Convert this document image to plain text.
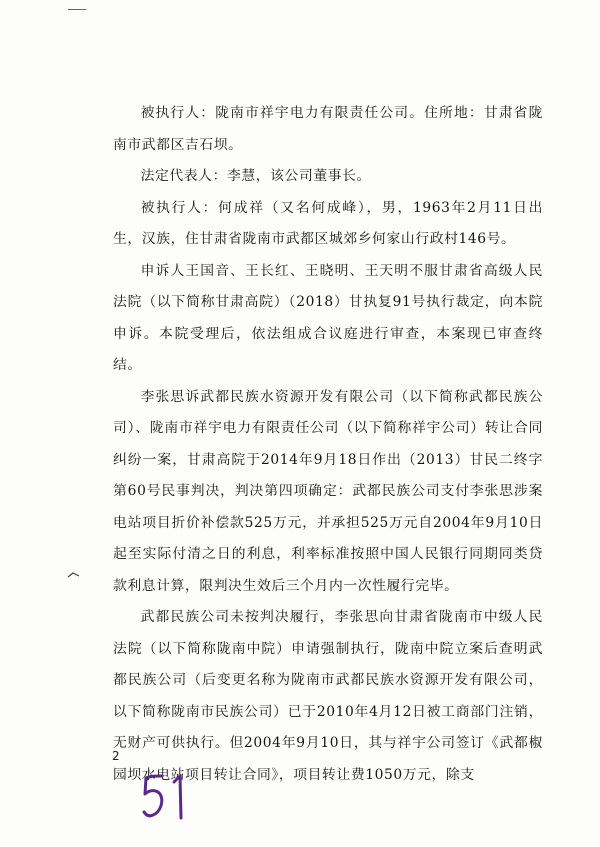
被执行人：陇南市祥宇电力有限责任公司。住所地：甘肃省陇南市武都区吉石坝。

法定代表人：李慧，该公司董事长。

被执行人：何成祥（又名何成峰），男，1963年2月11日出生，汉族，住甘肃省陇南市武都区城郊乡何家山行政村146号。

申诉人王国音、王长红、王晓明、王天明不服甘肃省高级人民法院（以下简称甘肃高院）（2018）甘执复91号执行裁定，向本院申诉。本院受理后，依法组成合议庭进行审查，本案现已审查终结。

李张思诉武都民族水资源开发有限公司（以下简称武都民族公司）、陇南市祥宇电力有限责任公司（以下简称祥宇公司）转让合同纠纷一案，甘肃高院于2014年9月18日作出（2013）甘民二终字第60号民事判决，判决第四项确定：武都民族公司支付李张思涉案电站项目折价补偿款525万元，并承担525万元自2004年9月10日起至实际付清之日的利息，利率标准按照中国人民银行同期同类贷款利息计算，限判决生效后三个月内一次性履行完毕。

武都民族公司未按判决履行，李张思向甘肃省陇南市中级人民法院（以下简称陇南中院）申请强制执行，陇南中院立案后查明武都民族公司（后变更名称为陇南市武都民族水资源开发有限公司，以下简称陇南市民族公司）已于2010年4月12日被工商部门注销，无财产可供执行。但2004年9月10日，其与祥宇公司签订《武都椒园坝水电站项目转让合同》，项目转让费1050万元，除支

2
